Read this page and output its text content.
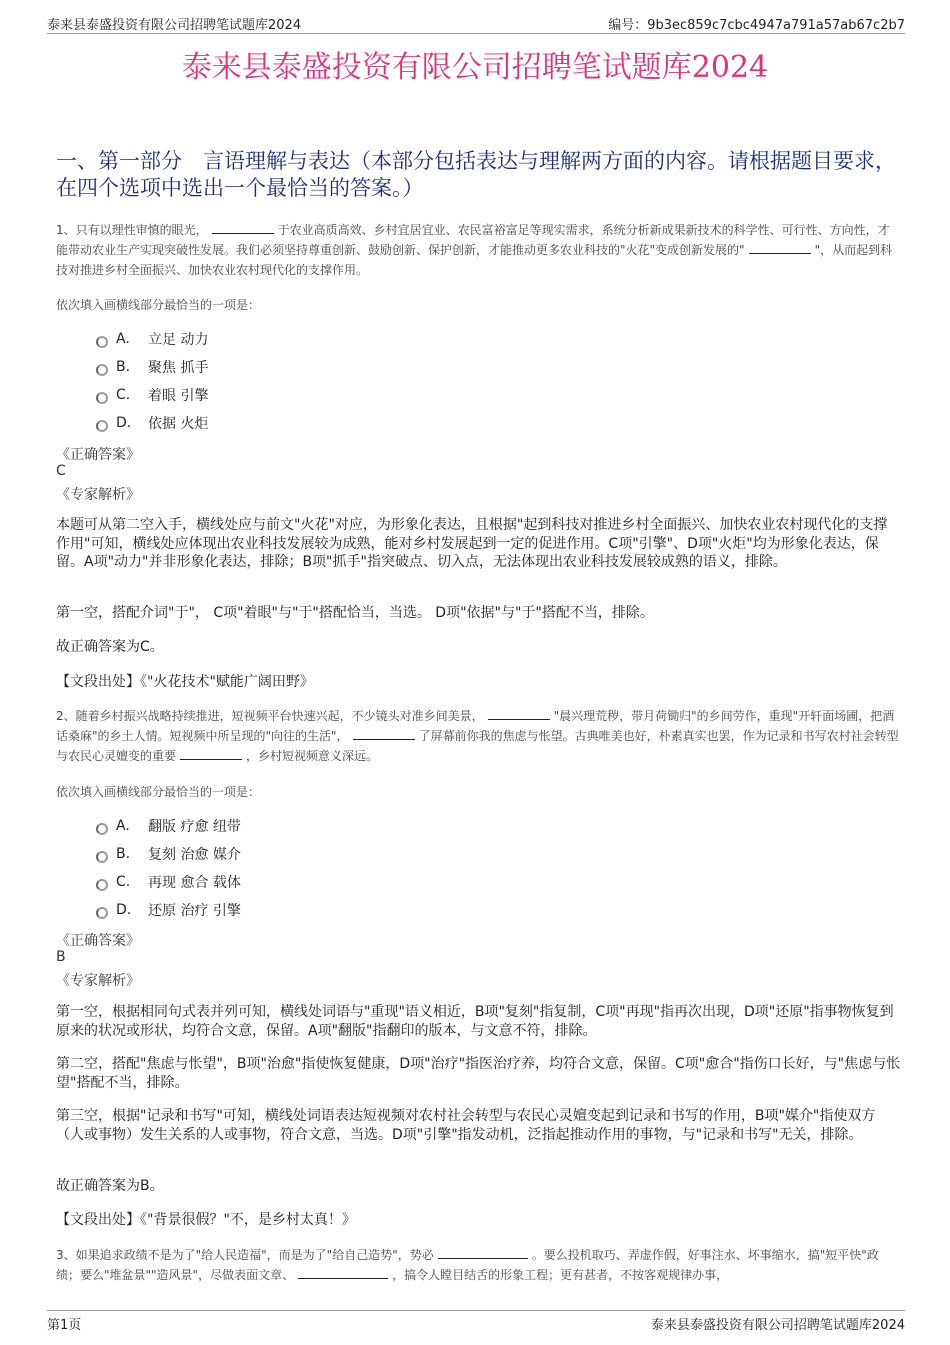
泰来县泰盛投资有限公司招聘笔试题库2024	编号：9b3ec859c7cbc4947a791a57ab67c2b7
泰来县泰盛投资有限公司招聘笔试题库2024
一、第一部分　言语理解与表达（本部分包括表达与理解两方面的内容。请根据题目要求，在四个选项中选出一个最恰当的答案。）
1、只有以理性审慎的眼光，	于农业高质高效、乡村宜居宜业、农民富裕富足等现实需求，系统分析新成果新技术的科学性、可行性、方向性，才能带动农业生产实现突破性发展。我们必须坚持尊重创新、鼓励创新、保护创新，才能推动更多农业科技的"火花"变成创新发展的"	"，从而起到科技对推进乡村全面振兴、加快农业农村现代化的支撑作用。
依次填入画横线部分最恰当的一项是：
A.	立足 动力
B.	聚焦 抓手
C.	着眼 引擎
D.	依据 火炬
《正确答案》
C
《专家解析》
本题可从第二空入手，横线处应与前文"火花"对应，为形象化表达，且根据"起到科技对推进乡村全面振兴、加快农业农村现代化的支撑作用"可知，横线处应体现出农业科技发展较为成熟，能对乡村发展起到一定的促进作用。C项"引擎"、D项"火炬"均为形象化表达，保留。A项"动力"并非形象化表达，排除；B项"抓手"指突破点、切入点，无法体现出农业科技发展较成熟的语义，排除。
第一空，搭配介词"于"， C项"着眼"与"于"搭配恰当，当选。 D项"依据"与"于"搭配不当，排除。
故正确答案为C。
【文段出处】《"火花技术"赋能广阔田野》
2、随着乡村振兴战略持续推进，短视频平台快速兴起，不少镜头对准乡间美景，	"晨兴理荒秽，带月荷锄归"的乡间劳作，重现"开轩面场圃，把酒话桑麻"的乡土人情。短视频中所呈现的"向往的生活"，	了屏幕前你我的焦虑与怅望。古典唯美也好，朴素真实也罢，作为记录和书写农村社会转型与农民心灵嬗变的重要	，乡村短视频意义深远。
依次填入画横线部分最恰当的一项是：
A.	翻版 疗愈 纽带
B.	复刻 治愈 媒介
C.	再现 愈合 载体
D.	还原 治疗 引擎
《正确答案》
B
《专家解析》
第一空，根据相同句式表并列可知，横线处词语与"重现"语义相近，B项"复刻"指复制，C项"再现"指再次出现，D项"还原"指事物恢复到原来的状况或形状，均符合文意，保留。A项"翻版"指翻印的版本，与文意不符，排除。
第二空，搭配"焦虑与怅望"，B项"治愈"指使恢复健康，D项"治疗"指医治疗养，均符合文意，保留。C项"愈合"指伤口长好，与"焦虑与怅望"搭配不当，排除。
第三空，根据"记录和书写"可知，横线处词语表达短视频对农村社会转型与农民心灵嬗变起到记录和书写的作用，B项"媒介"指使双方（人或事物）发生关系的人或事物，符合文意，当选。D项"引擎"指发动机，泛指起推动作用的事物，与"记录和书写"无关，排除。
故正确答案为B。
【文段出处】《"背景很假？"不，是乡村太真！》
3、如果追求政绩不是为了"给人民造福"，而是为了"给自己造势"，势必	。要么投机取巧、弄虚作假，好事注水、坏事缩水，搞"短平快"政绩；要么"堆盆景""造风景"，尽做表面文章、	，搞令人瞠目结舌的形象工程；更有甚者，不按客观规律办事，
第1页	泰来县泰盛投资有限公司招聘笔试题库2024
